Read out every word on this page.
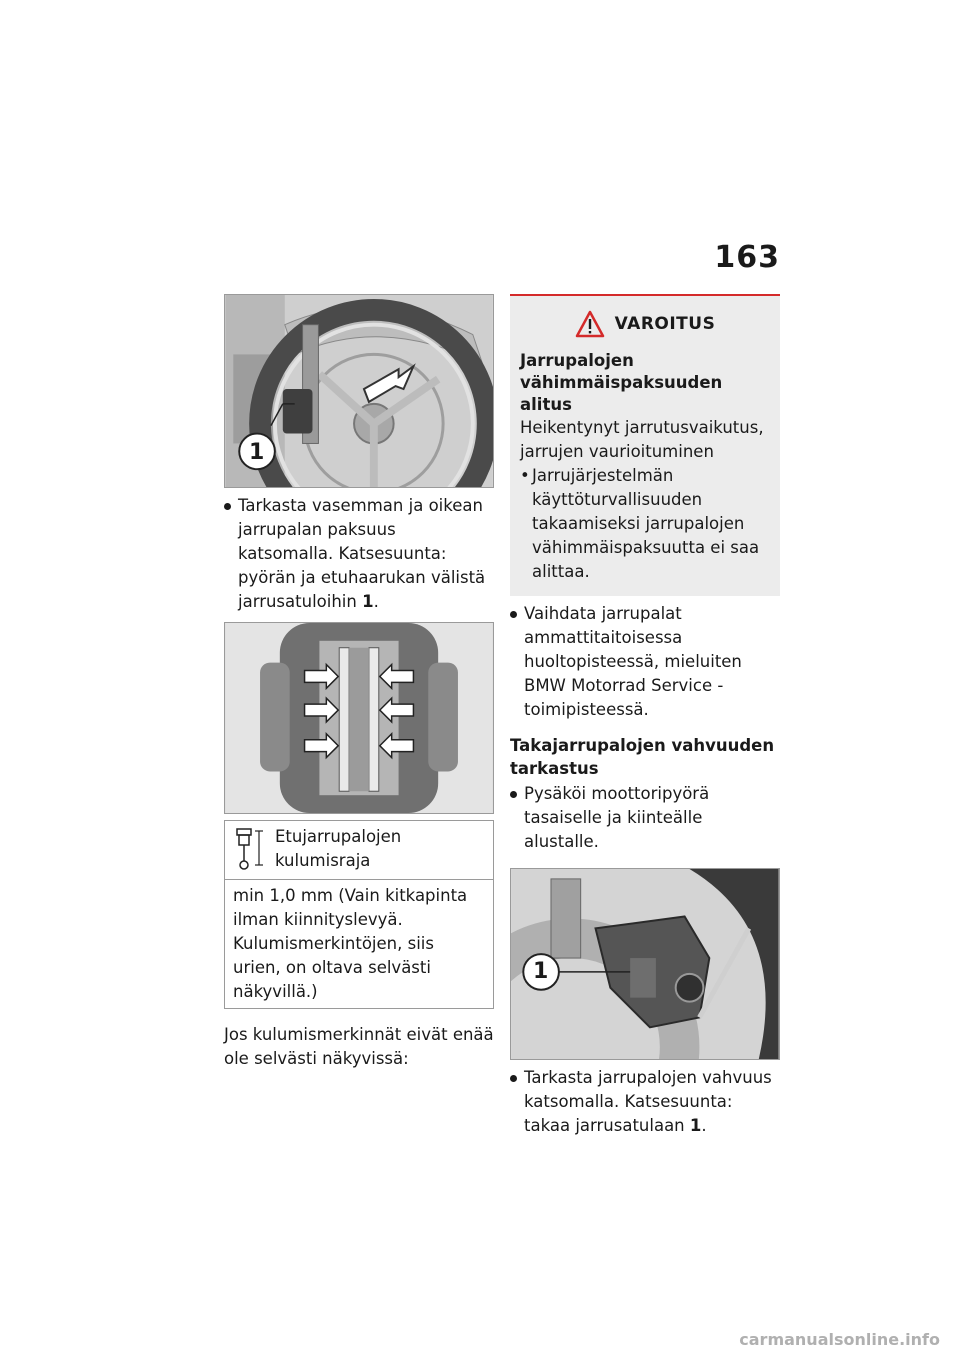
163
1
Tarkasta vasemman ja oikean jarrupalan paksuus katsomalla. Katsesuunta: pyörän ja etuhaarukan välistä jarrusatuloihin 1.
Etujarrupalojen kulumisraja

min 1,0 mm (Vain kitkapinta ilman kiinnityslevyä. Kulumismerkintöjen, siis urien, on oltava selvästi näkyvillä.)

Jos kulumismerkinnät eivät enää ole selvästi näkyvissä:

VAROITUS

Jarrupalojen vähimmäispaksuuden alitus

Heikentynyt jarrutusvaikutus, jarrujen vaurioituminen

• Jarrujärjestelmän käyttöturvallisuuden takaamiseksi jarrupalojen vähimmäispaksuutta ei saa alittaa.
Vaihdata jarrupalat ammattitaitoisessa huoltopisteessä, mieluiten BMW Motorrad Service -toimipisteessä.

Takajarrupalojen vahvuuden tarkastus

Pysäköi moottoripyörä tasaiselle ja kiinteälle alustalle.
1
Tarkasta jarrupalojen vahvuus katsomalla. Katsesuunta: takaa jarrusatulaan 1.
carmanualsonline.info
